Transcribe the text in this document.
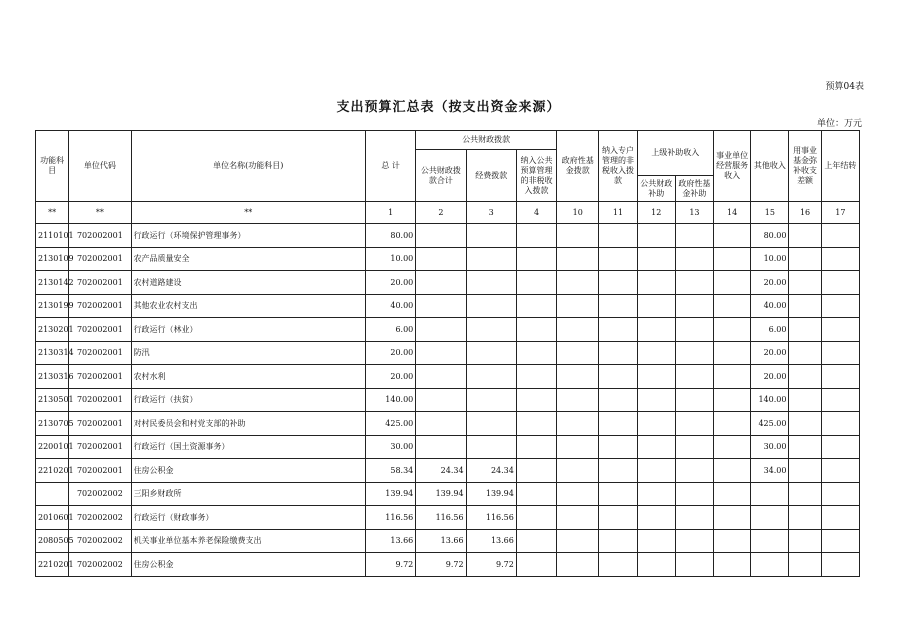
预算04表
支出预算汇总表（按支出资金来源）
单位：万元
功能科目	单位代码	单位名称(功能科目)	总 计	公共财政拨款			政府性基金拨款	纳入专户管理的非税收入拨款	上级补助收入		事业单位经营服务收入	其他收入	用事业基金弥补收支差额	上年结转
				公共财政拨款合计	经费拨款	纳入公共预算管理的非税收入拨款								
									公共财政补助	政府性基金补助				
**	**	**	1	2	3	4	10	11	12	13	14	15	16	17
2110101	702002001	行政运行（环境保护管理事务）	80.00									80.00		
2130109	702002001	农产品质量安全	10.00									10.00		
2130142	702002001	农村道路建设	20.00									20.00		
2130199	702002001	其他农业农村支出	40.00									40.00		
2130201	702002001	行政运行（林业）	6.00									6.00		
2130314	702002001	防汛	20.00									20.00		
2130316	702002001	农村水利	20.00									20.00		
2130501	702002001	行政运行（扶贫）	140.00									140.00		
2130705	702002001	对村民委员会和村党支部的补助	425.00									425.00		
2200101	702002001	行政运行（国土资源事务）	30.00									30.00		
2210201	702002001	住房公积金	58.34	24.34	24.34							34.00		
	702002002	三阳乡财政所	139.94	139.94	139.94									
2010601	702002002	行政运行（财政事务）	116.56	116.56	116.56									
2080505	702002002	机关事业单位基本养老保险缴费支出	13.66	13.66	13.66									
2210201	702002002	住房公积金	9.72	9.72	9.72									
